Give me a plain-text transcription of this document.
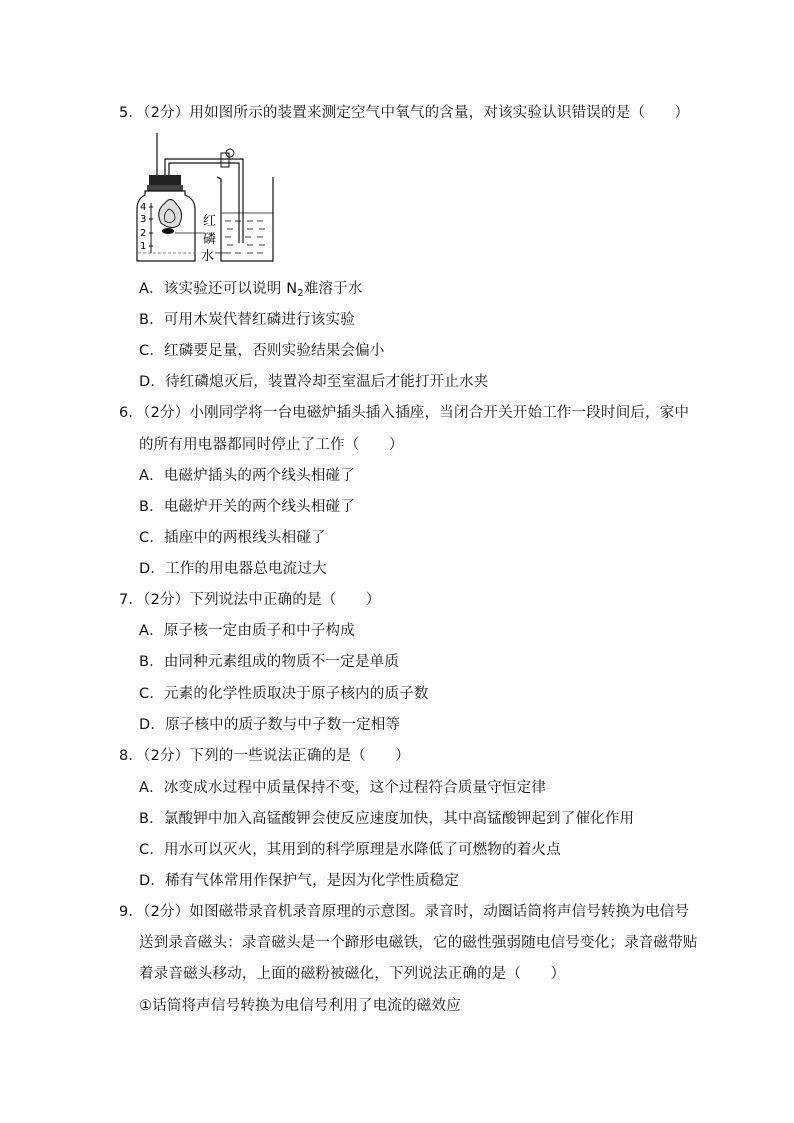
5．（2分）用如图所示的装置来测定空气中氧气的含量，对该实验认识错误的是（　　）
4
3
2
1
红
磷
水
A．该实验还可以说明 $N_2$难溶于水
B．可用木炭代替红磷进行该实验
C．红磷要足量，否则实验结果会偏小
D．待红磷熄灭后，装置冷却至室温后才能打开止水夹
6．（2分）小刚同学将一台电磁炉插头插入插座，当闭合开关开始工作一段时间后，家中
的所有用电器都同时停止了工作（　　）
A．电磁炉插头的两个线头相碰了
B．电磁炉开关的两个线头相碰了
C．插座中的两根线头相碰了
D．工作的用电器总电流过大
7．（2分）下列说法中正确的是（　　）
A．原子核一定由质子和中子构成
B．由同种元素组成的物质不一定是单质
C．元素的化学性质取决于原子核内的质子数
D．原子核中的质子数与中子数一定相等
8．（2分）下列的一些说法正确的是（　　）
A．冰变成水过程中质量保持不变，这个过程符合质量守恒定律
B．氯酸钾中加入高锰酸钾会使反应速度加快，其中高锰酸钾起到了催化作用
C．用水可以灭火，其用到的科学原理是水降低了可燃物的着火点
D．稀有气体常用作保护气，是因为化学性质稳定
9．（2分）如图磁带录音机录音原理的示意图。录音时，动圈话筒将声信号转换为电信号
送到录音磁头：录音磁头是一个蹄形电磁铁，它的磁性强弱随电信号变化；录音磁带贴
着录音磁头移动，上面的磁粉被磁化，下列说法正确的是（　　）
①话筒将声信号转换为电信号利用了电流的磁效应
